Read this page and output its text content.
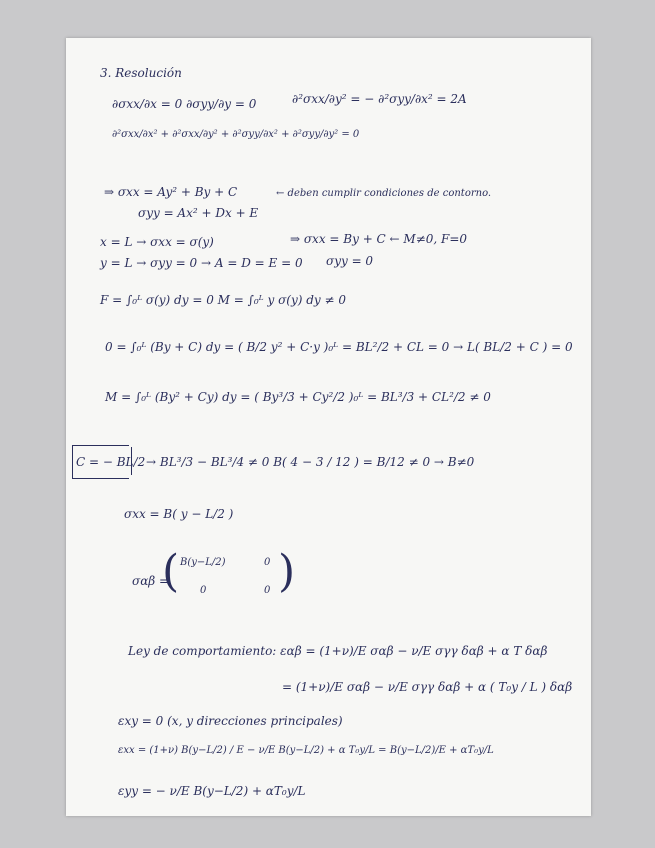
3. Resolución
∂σxx/∂x = 0 ∂σyy/∂y = 0	∂²σxx/∂y² = − ∂²σyy/∂x² = 2A
∂²σxx/∂x² + ∂²σxx/∂y² + ∂²σyy/∂x² + ∂²σyy/∂y² = 0
⇒ σxx = Ay² + By + C	← deben cumplir condiciones de contorno.
σyy = Ax² + Dx + E
x = L → σxx = σ(y)	⇒ σxx = By + C ← M≠0, F=0
y = L → σyy = 0 → A = D = E = 0 σyy = 0
F = ∫₀ᴸ σ(y) dy = 0 M = ∫₀ᴸ y σ(y) dy ≠ 0
0 = ∫₀ᴸ (By + C) dy = ( B/2 y² + C·y )₀ᴸ = BL²/2 + CL = 0 → L( BL/2 + C ) = 0
M = ∫₀ᴸ (By² + Cy) dy = ( By³/3 + Cy²/2 )₀ᴸ = BL³/3 + CL²/2 ≠ 0
C = − BL/2 → BL³/3 − BL³/4 ≠ 0 B( 4 − 3 / 12 ) = B/12 ≠ 0 → B≠0
σxx = B( y − L/2 )
σαβ =
( B(y−L/2)	0
0	0 )
Ley de comportamiento: εαβ = (1+ν)/E σαβ − ν/E σγγ δαβ + α T δαβ
= (1+ν)/E σαβ − ν/E σγγ δαβ + α ( T₀y / L ) δαβ
εxy = 0 (x, y direcciones principales)
εxx = (1+ν) B(y−L/2) / E − ν/E B(y−L/2) + α T₀y/L = B(y−L/2)/E + αT₀y/L
εyy = − ν/E B(y−L/2) + αT₀y/L
